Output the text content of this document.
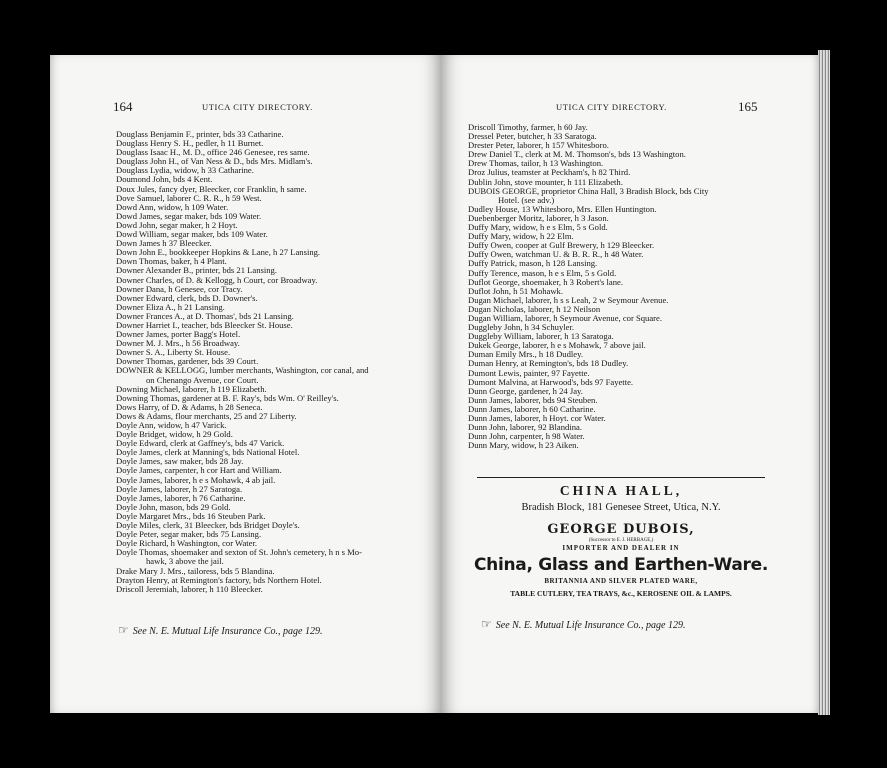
164	UTICA CITY DIRECTORY.
Douglass Benjamin F., printer, bds 33 Catharine.
Douglass Henry S. H., pedler, h 11 Burnet.
Douglass Isaac H., M. D., office 246 Genesee, res same.
Douglass John H., of Van Ness & D., bds Mrs. Midlam's.
Douglass Lydia, widow, h 33 Catharine.
Doumond John, bds 4 Kent.
Doux Jules, fancy dyer, Bleecker, cor Franklin, h same.
Dove Samuel, laborer C. R. R., h 59 West.
Dowd Ann, widow, h 109 Water.
Dowd James, segar maker, bds 109 Water.
Dowd John, segar maker, h 2 Hoyt.
Dowd William, segar maker, bds 109 Water.
Down James h 37 Bleecker.
Down John E., bookkeeper Hopkins & Lane, h 27 Lansing.
Down Thomas, baker, h 4 Plant.
Downer Alexander B., printer, bds 21 Lansing.
Downer Charles, of D. & Kellogg, h Court, cor Broadway.
Downer Dana, h Genesee, cor Tracy.
Downer Edward, clerk, bds D. Downer's.
Downer Eliza A., h 21 Lansing.
Downer Frances A., at D. Thomas', bds 21 Lansing.
Downer Harriet I., teacher, bds Bleecker St. House.
Downer James, porter Bagg's Hotel.
Downer M. J. Mrs., h 56 Broadway.
Downer S. A., Liberty St. House.
Downer Thomas, gardener, bds 39 Court.
DOWNER & KELLOGG, lumber merchants, Washington, cor canal, and
on Chenango Avenue, cor Court.
Downing Michael, laborer, h 119 Elizabeth.
Downing Thomas, gardener at B. F. Ray's, bds Wm. O' Reilley's.
Dows Harry, of D. & Adams, h 28 Seneca.
Dows & Adams, flour merchants, 25 and 27 Liberty.
Doyle Ann, widow, h 47 Varick.
Doyle Bridget, widow, h 29 Gold.
Doyle Edward, clerk at Gaffney's, bds 47 Varick.
Doyle James, clerk at Manning's, bds National Hotel.
Doyle James, saw maker, bds 28 Jay.
Doyle James, carpenter, h cor Hart and William.
Doyle James, laborer, h e s Mohawk, 4 ab jail.
Doyle James, laborer, h 27 Saratoga.
Doyle James, laborer, h 76 Catharine.
Doyle John, mason, bds 29 Gold.
Doyle Margaret Mrs., bds 16 Steuben Park.
Doyle Miles, clerk, 31 Bleecker, bds Bridget Doyle's.
Doyle Peter, segar maker, bds 75 Lansing.
Doyle Richard, h Washington, cor Water.
Doyle Thomas, shoemaker and sexton of St. John's cemetery, h n s Mo-
hawk, 3 above the jail.
Drake Mary J. Mrs., tailoress, bds 5 Blandina.
Drayton Henry, at Remington's factory, bds Northern Hotel.
Driscoll Jeremiah, laborer, h 110 Bleecker.
☞ See N. E. Mutual Life Insurance Co., page 129.
UTICA CITY DIRECTORY.	165
Driscoll Timothy, farmer, h 60 Jay.
Dressel Peter, butcher, h 33 Saratoga.
Drester Peter, laborer, h 157 Whitesboro.
Drew Daniel T., clerk at M. M. Thomson's, bds 13 Washington.
Drew Thomas, tailor, h 13 Washington.
Droz Julius, teamster at Peckham's, h 82 Third.
Dublin John, stove mounter, h 111 Elizabeth.
DUBOIS GEORGE, proprietor China Hall, 3 Bradish Block, bds City
Hotel. (see adv.)
Dudley House, 13 Whitesboro, Mrs. Ellen Huntington.
Duebenberger Moritz, laborer, h 3 Jason.
Duffy Mary, widow, h e s Elm, 5 s Gold.
Duffy Mary, widow, h 22 Elm.
Duffy Owen, cooper at Gulf Brewery, h 129 Bleecker.
Duffy Owen, watchman U. & B. R. R., h 48 Water.
Duffy Patrick, mason, h 128 Lansing.
Duffy Terence, mason, h e s Elm, 5 s Gold.
Duflot George, shoemaker, h 3 Robert's lane.
Duflot John, h 51 Mohawk.
Dugan Michael, laborer, h s s Leah, 2 w Seymour Avenue.
Dugan Nicholas, laborer, h 12 Neilson
Dugan William, laborer, h Seymour Avenue, cor Square.
Duggleby John, h 34 Schuyler.
Duggleby William, laborer, h 13 Saratoga.
Dukek George, laborer, h e s Mohawk, 7 above jail.
Duman Emily Mrs., h 18 Dudley.
Duman Henry, at Remington's, bds 18 Dudley.
Dumont Lewis, painter, 97 Fayette.
Dumont Malvina, at Harwood's, bds 97 Fayette.
Dunn George, gardener, h 24 Jay.
Dunn James, laborer, bds 94 Steuben.
Dunn James, laborer, h 60 Catharine.
Dunn James, laborer, h Hoyt. cor Water.
Dunn John, laborer, 92 Blandina.
Dunn John, carpenter, h 98 Water.
Dunn Mary, widow, h 23 Aiken.
CHINA HALL,
Bradish Block, 181 Genesee Street, Utica, N.Y.
GEORGE DUBOIS,
(Successor to E. J. HERBAGE,)
IMPORTER AND DEALER IN
China, Glass and Earthen-Ware.
BRITANNIA AND SILVER PLATED WARE,
TABLE CUTLERY, TEA TRAYS, &c., KEROSENE OIL & LAMPS.
☞ See N. E. Mutual Life Insurance Co., page 129.
